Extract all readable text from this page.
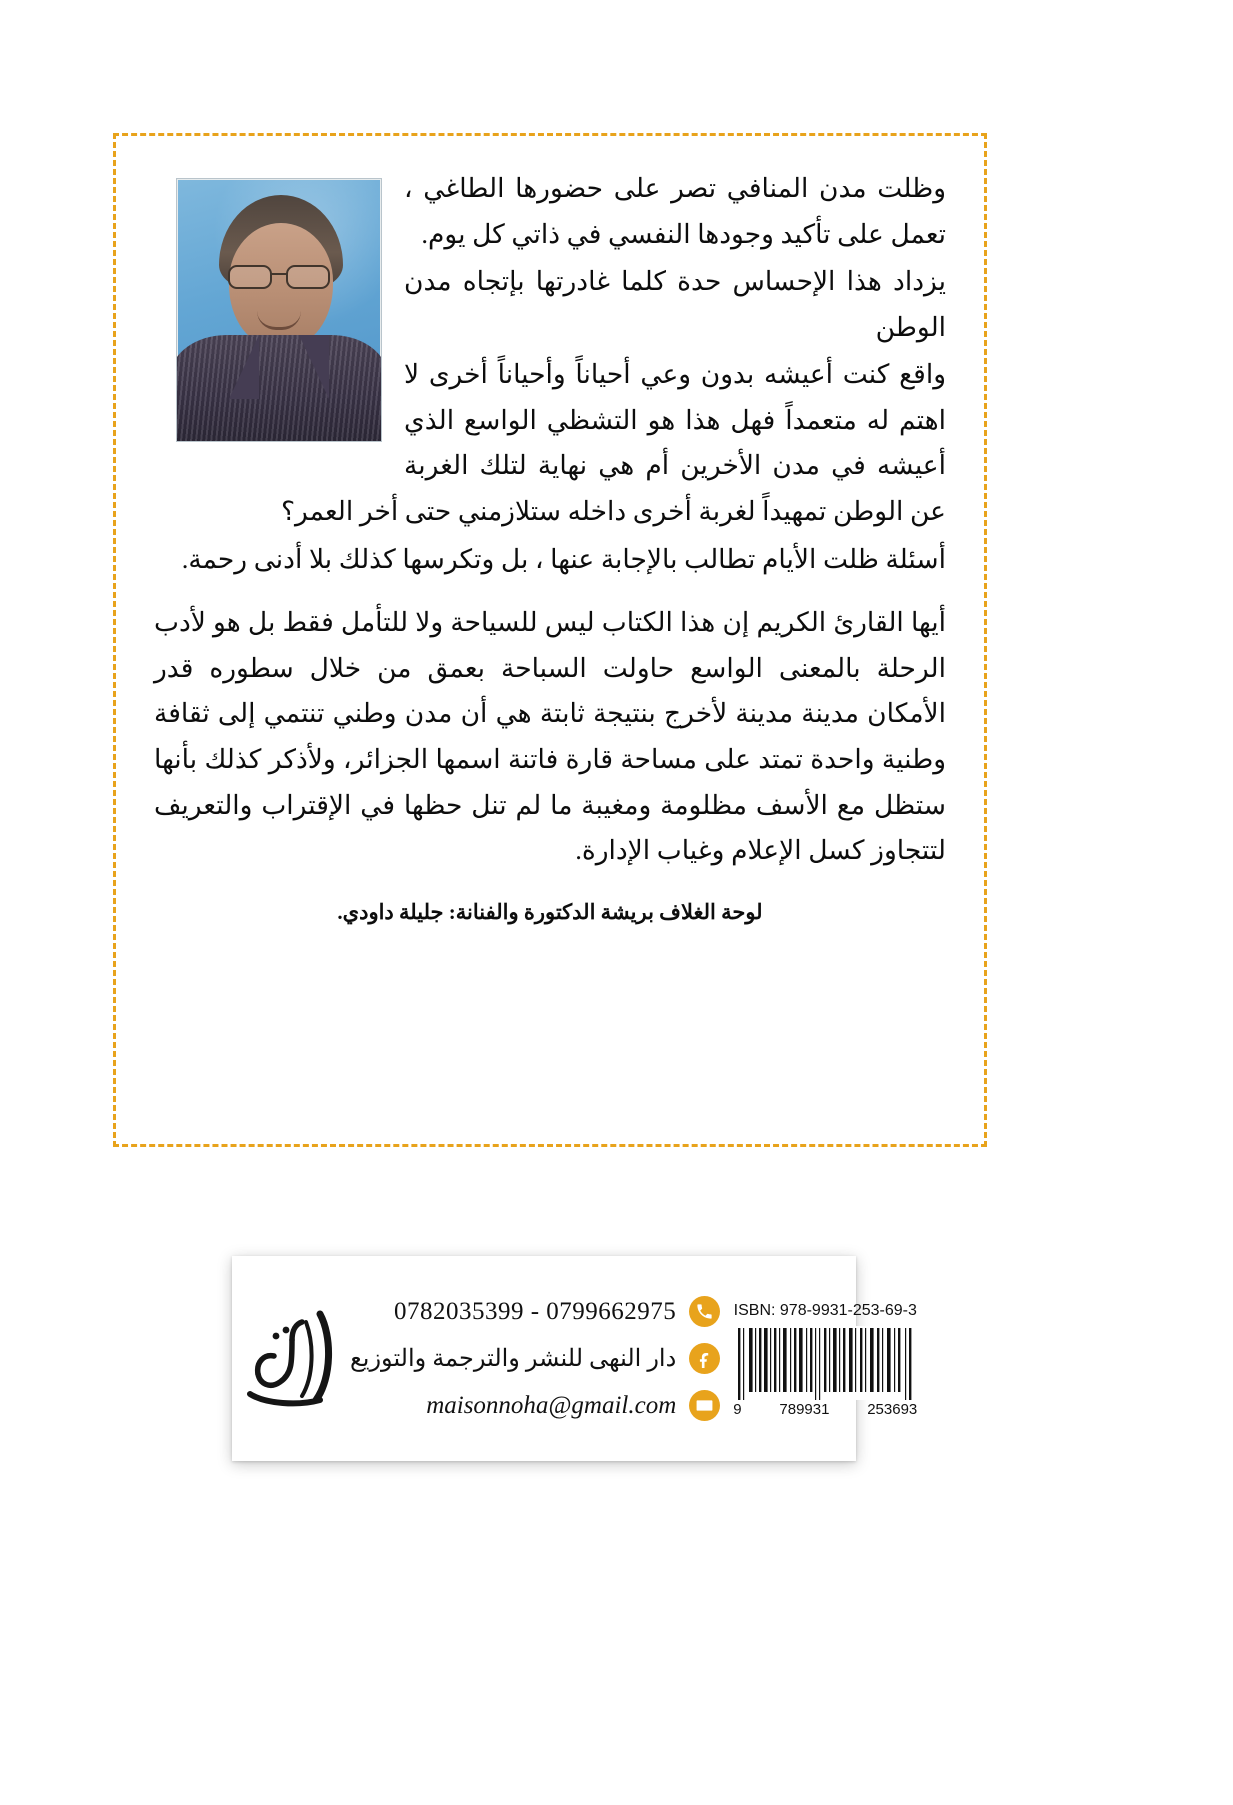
وظلت مدن المنافي تصر على حضورها الطاغي ، تعمل على تأكيد وجودها النفسي في ذاتي كل يوم.

يزداد هذا الإحساس حدة كلما غادرتها بإتجاه مدن الوطن

واقع كنت أعيشه بدون وعي أحياناً وأحياناً أخرى لا اهتم له متعمداً فهل هذا هو التشظي الواسع الذي أعيشه في مدن الأخرين أم هي نهاية لتلك الغربة عن الوطن تمهيداً لغربة أخرى داخله ستلازمني حتى أخر العمر؟

أسئلة ظلت الأيام تطالب بالإجابة عنها ، بل وتكرسها كذلك بلا أدنى رحمة.

أيها القارئ الكريم إن هذا الكتاب ليس للسياحة ولا للتأمل فقط بل هو لأدب الرحلة بالمعنى الواسع حاولت السباحة بعمق من خلال سطوره قدر الأمكان مدينة مدينة لأخرج بنتيجة ثابتة هي أن مدن وطني تنتمي إلى ثقافة وطنية واحدة تمتد على مساحة قارة فاتنة اسمها الجزائر، ولأذكر كذلك بأنها ستظل مع الأسف مظلومة ومغيبة ما لم تنل حظها في الإقتراب والتعريف لتتجاوز كسل الإعلام وغياب الإدارة.

لوحة الغلاف بريشة الدكتورة والفنانة: جليلة داودي.
0782035399 - 0799662975
دار النهى للنشر والترجمة والتوزيع
maisonnoha@gmail.com
ISBN: 978-9931-253-69-3
9	789931	253693
